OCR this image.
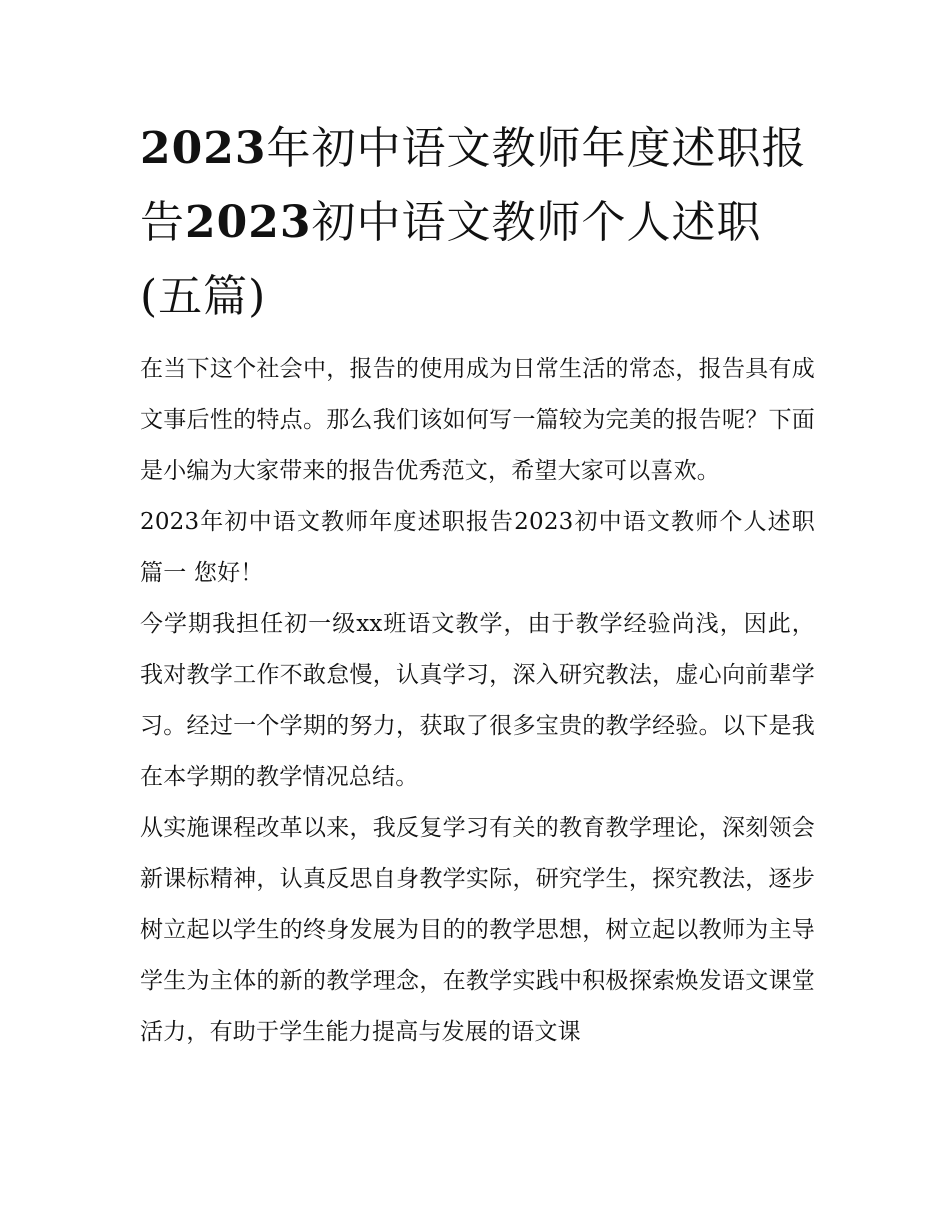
2023年初中语文教师年度述职报告2023初中语文教师个人述职(五篇)

在当下这个社会中，报告的使用成为日常生活的常态，报告具有成文事后性的特点。那么我们该如何写一篇较为完美的报告呢？下面是小编为大家带来的报告优秀范文，希望大家可以喜欢。

2023年初中语文教师年度述职报告2023初中语文教师个人述职篇一 您好！

今学期我担任初一级xx班语文教学，由于教学经验尚浅，因此，我对教学工作不敢怠慢，认真学习，深入研究教法，虚心向前辈学习。经过一个学期的努力，获取了很多宝贵的教学经验。以下是我在本学期的教学情况总结。

从实施课程改革以来，我反复学习有关的教育教学理论，深刻领会新课标精神，认真反思自身教学实际，研究学生，探究教法，逐步树立起以学生的终身发展为目的的教学思想，树立起以教师为主导学生为主体的新的教学理念，在教学实践中积极探索焕发语文课堂活力，有助于学生能力提高与发展的语文课
